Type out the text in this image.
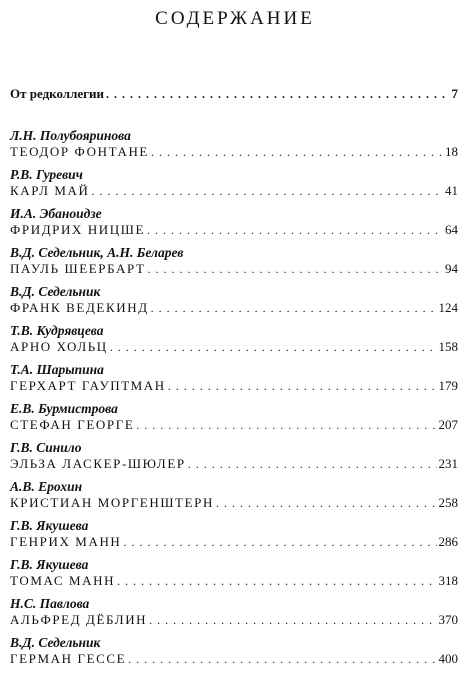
СОДЕРЖАНИЕ
От редколлегии . . .	7
Л.Н. Полубояринова
ТЕОДОР ФОНТАНЕ . . .	18
Р.В. Гуревич
КАРЛ МАЙ . . .	41
И.А. Эбаноидзе
ФРИДРИХ НИЦШЕ . . .	64
В.Д. Седельник, А.Н. Беларев
ПАУЛЬ ШЕЕРБАРТ . . .	94
В.Д. Седельник
ФРАНК ВЕДЕКИНД . . .	124
Т.В. Кудрявцева
АРНО ХОЛЬЦ . . .	158
Т.А. Шарыпина
ГЕРХАРТ ГАУПТМАН . . .	179
Е.В. Бурмистрова
СТЕФАН ГЕОРГЕ . . .	207
Г.В. Синило
ЭЛЬЗА ЛАСКЕР-ШЮЛЕР . . .	231
А.В. Ерохин
КРИСТИАН МОРГЕНШТЕРН . . .	258
Г.В. Якушева
ГЕНРИХ МАНН . . .	286
Г.В. Якушева
ТОМАС МАНН . . .	318
Н.С. Павлова
АЛЬФРЕД ДЁБЛИН . . .	370
В.Д. Седельник
ГЕРМАН ГЕССЕ . . .	400
